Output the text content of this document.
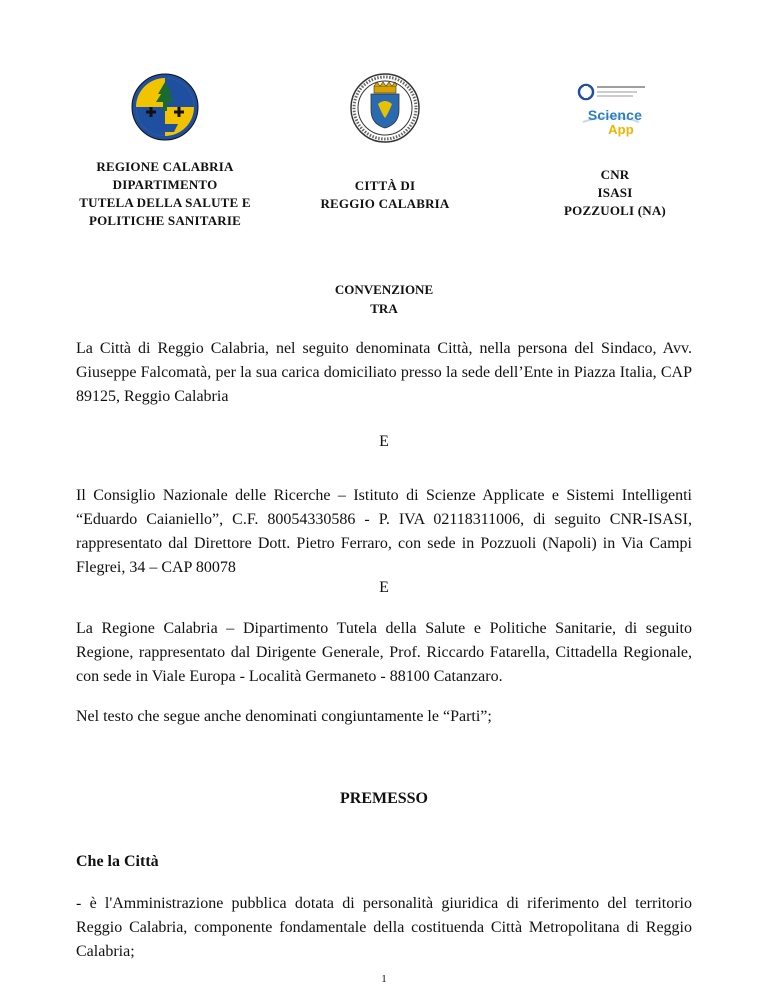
REGIONE CALABRIA
DIPARTIMENTO
TUTELA DELLA SALUTE E
POLITICHE SANITARIE
CITTÀ DI
REGGIO CALABRIA
Science
App
CNR
ISASI
POZZUOLI (NA)
CONVENZIONE
TRA
La Città di Reggio Calabria, nel seguito denominata Città, nella persona del Sindaco, Avv. Giuseppe Falcomatà, per la sua carica domiciliato presso la sede dell’Ente in Piazza Italia, CAP 89125, Reggio Calabria
E
Il Consiglio Nazionale delle Ricerche – Istituto di Scienze Applicate e Sistemi Intelligenti “Eduardo Caianiello”, C.F. 80054330586 - P. IVA 02118311006, di seguito CNR-ISASI, rappresentato dal Direttore Dott. Pietro Ferraro, con sede in Pozzuoli (Napoli) in Via Campi Flegrei, 34 – CAP 80078
E
La Regione Calabria – Dipartimento Tutela della Salute e Politiche Sanitarie, di seguito Regione, rappresentato dal Dirigente Generale, Prof. Riccardo Fatarella, Cittadella Regionale, con sede in Viale Europa - Località Germaneto - 88100 Catanzaro.
Nel testo che segue anche denominati congiuntamente le “Parti”;
PREMESSO
Che la Città
- è l'Amministrazione pubblica dotata di personalità giuridica di riferimento del territorio Reggio Calabria, componente fondamentale della costituenda Città Metropolitana di Reggio Calabria;
1
